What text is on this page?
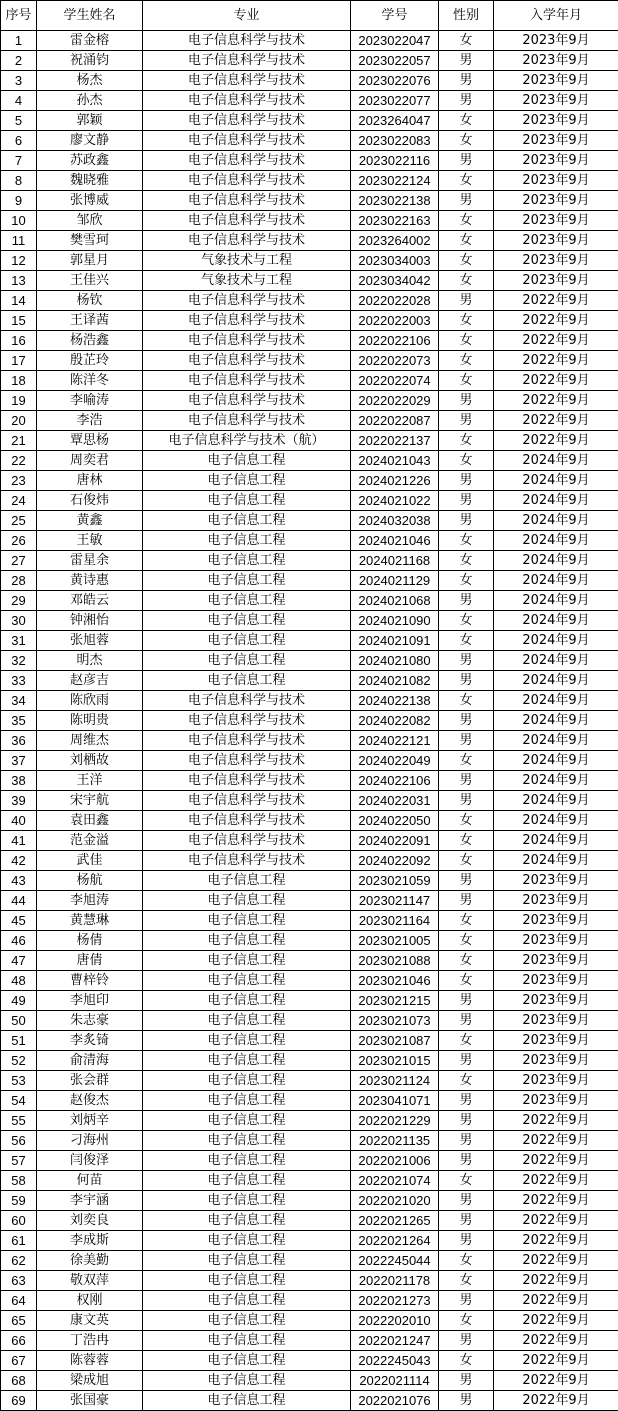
序号	学生姓名	专业	学号	性别	入学年月
1	雷金榕	电子信息科学与技术	2023022047	女	2023年9月
2	祝涌钧	电子信息科学与技术	2023022057	男	2023年9月
3	杨杰	电子信息科学与技术	2023022076	男	2023年9月
4	孙杰	电子信息科学与技术	2023022077	男	2023年9月
5	郭颖	电子信息科学与技术	2023264047	女	2023年9月
6	廖文静	电子信息科学与技术	2023022083	女	2023年9月
7	苏政鑫	电子信息科学与技术	2023022116	男	2023年9月
8	魏晓雅	电子信息科学与技术	2023022124	女	2023年9月
9	张博威	电子信息科学与技术	2023022138	男	2023年9月
10	邹欣	电子信息科学与技术	2023022163	女	2023年9月
11	樊雪珂	电子信息科学与技术	2023264002	女	2023年9月
12	郭星月	气象技术与工程	2023034003	女	2023年9月
13	王佳兴	气象技术与工程	2023034042	女	2023年9月
14	杨钦	电子信息科学与技术	2022022028	男	2022年9月
15	王译茜	电子信息科学与技术	2022022003	女	2022年9月
16	杨浩鑫	电子信息科学与技术	2022022106	女	2022年9月
17	殷芷玲	电子信息科学与技术	2022022073	女	2022年9月
18	陈洋冬	电子信息科学与技术	2022022074	女	2022年9月
19	李喻涛	电子信息科学与技术	2022022029	男	2022年9月
20	李浩	电子信息科学与技术	2022022087	男	2022年9月
21	覃思杨	电子信息科学与技术（航）	2022022137	女	2022年9月
22	周奕君	电子信息工程	2024021043	女	2024年9月
23	唐林	电子信息工程	2024021226	男	2024年9月
24	石俊炜	电子信息工程	2024021022	男	2024年9月
25	黄鑫	电子信息工程	2024032038	男	2024年9月
26	王敏	电子信息工程	2024021046	女	2024年9月
27	雷星余	电子信息工程	2024021168	女	2024年9月
28	黄诗惠	电子信息工程	2024021129	女	2024年9月
29	邓皓云	电子信息工程	2024021068	男	2024年9月
30	钟湘怡	电子信息工程	2024021090	女	2024年9月
31	张旭蓉	电子信息工程	2024021091	女	2024年9月
32	明杰	电子信息工程	2024021080	男	2024年9月
33	赵彦吉	电子信息工程	2024021082	男	2024年9月
34	陈欣雨	电子信息科学与技术	2024022138	女	2024年9月
35	陈明贵	电子信息科学与技术	2024022082	男	2024年9月
36	周维杰	电子信息科学与技术	2024022121	男	2024年9月
37	刘栖故	电子信息科学与技术	2024022049	女	2024年9月
38	王洋	电子信息科学与技术	2024022106	男	2024年9月
39	宋宇航	电子信息科学与技术	2024022031	男	2024年9月
40	袁田鑫	电子信息科学与技术	2024022050	女	2024年9月
41	范金溢	电子信息科学与技术	2024022091	女	2024年9月
42	武佳	电子信息科学与技术	2024022092	女	2024年9月
43	杨航	电子信息工程	2023021059	男	2023年9月
44	李旭涛	电子信息工程	2023021147	男	2023年9月
45	黄慧琳	电子信息工程	2023021164	女	2023年9月
46	杨倩	电子信息工程	2023021005	女	2023年9月
47	唐倩	电子信息工程	2023021088	女	2023年9月
48	曹梓铃	电子信息工程	2023021046	女	2023年9月
49	李旭印	电子信息工程	2023021215	男	2023年9月
50	朱志豪	电子信息工程	2023021073	男	2023年9月
51	李炙锜	电子信息工程	2023021087	女	2023年9月
52	俞清海	电子信息工程	2023021015	男	2023年9月
53	张会群	电子信息工程	2023021124	女	2023年9月
54	赵俊杰	电子信息工程	2023041071	男	2023年9月
55	刘炳辛	电子信息工程	2022021229	男	2022年9月
56	刁海州	电子信息工程	2022021135	男	2022年9月
57	闫俊泽	电子信息工程	2022021006	男	2022年9月
58	何苗	电子信息工程	2022021074	女	2022年9月
59	李宇涵	电子信息工程	2022021020	男	2022年9月
60	刘奕良	电子信息工程	2022021265	男	2022年9月
61	李成斯	电子信息工程	2022021264	男	2022年9月
62	徐美勤	电子信息工程	2022245044	女	2022年9月
63	敬双萍	电子信息工程	2022021178	女	2022年9月
64	权刚	电子信息工程	2022021273	男	2022年9月
65	康文英	电子信息工程	2022202010	女	2022年9月
66	丁浩冉	电子信息工程	2022021247	男	2022年9月
67	陈蓉蓉	电子信息工程	2022245043	女	2022年9月
68	梁成旭	电子信息工程	2022021114	男	2022年9月
69	张国豪	电子信息工程	2022021076	男	2022年9月
